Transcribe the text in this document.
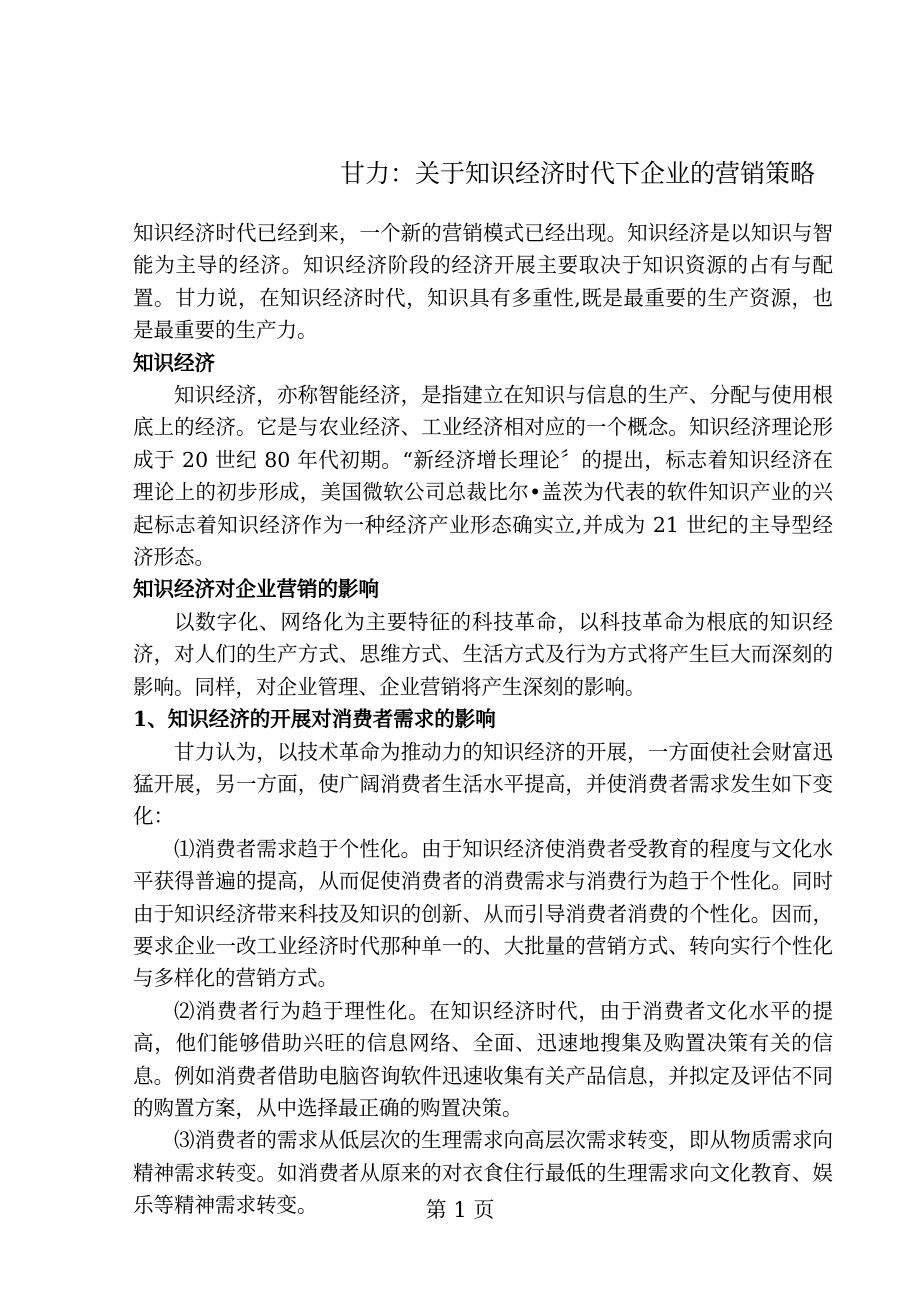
甘力：关于知识经济时代下企业的营销策略

知识经济时代已经到来，一个新的营销模式已经出现。知识经济是以知识与智能为主导的经济。知识经济阶段的经济开展主要取决于知识资源的占有与配置。甘力说，在知识经济时代，知识具有多重性,既是最重要的生产资源，也是最重要的生产力。

知识经济

知识经济，亦称智能经济，是指建立在知识与信息的生产、分配与使用根底上的经济。它是与农业经济、工业经济相对应的一个概念。知识经济理论形成于 20 世纪 80 年代初期。“新经济增长理论〞的提出，标志着知识经济在理论上的初步形成，美国微软公司总裁比尔•盖茨为代表的软件知识产业的兴起标志着知识经济作为一种经济产业形态确实立,并成为 21 世纪的主导型经济形态。

知识经济对企业营销的影响

以数字化、网络化为主要特征的科技革命，以科技革命为根底的知识经济，对人们的生产方式、思维方式、生活方式及行为方式将产生巨大而深刻的影响。同样，对企业管理、企业营销将产生深刻的影响。

1、知识经济的开展对消费者需求的影响

甘力认为，以技术革命为推动力的知识经济的开展，一方面使社会财富迅猛开展，另一方面，使广阔消费者生活水平提高，并使消费者需求发生如下变化：

⑴消费者需求趋于个性化。由于知识经济使消费者受教育的程度与文化水平获得普遍的提高，从而促使消费者的消费需求与消费行为趋于个性化。同时由于知识经济带来科技及知识的创新、从而引导消费者消费的个性化。因而，要求企业一改工业经济时代那种单一的、大批量的营销方式、转向实行个性化与多样化的营销方式。

⑵消费者行为趋于理性化。在知识经济时代，由于消费者文化水平的提高，他们能够借助兴旺的信息网络、全面、迅速地搜集及购置决策有关的信息。例如消费者借助电脑咨询软件迅速收集有关产品信息，并拟定及评估不同的购置方案，从中选择最正确的购置决策。

⑶消费者的需求从低层次的生理需求向高层次需求转变，即从物质需求向精神需求转变。如消费者从原来的对衣食住行最低的生理需求向文化教育、娱乐等精神需求转变。	第 1 页
